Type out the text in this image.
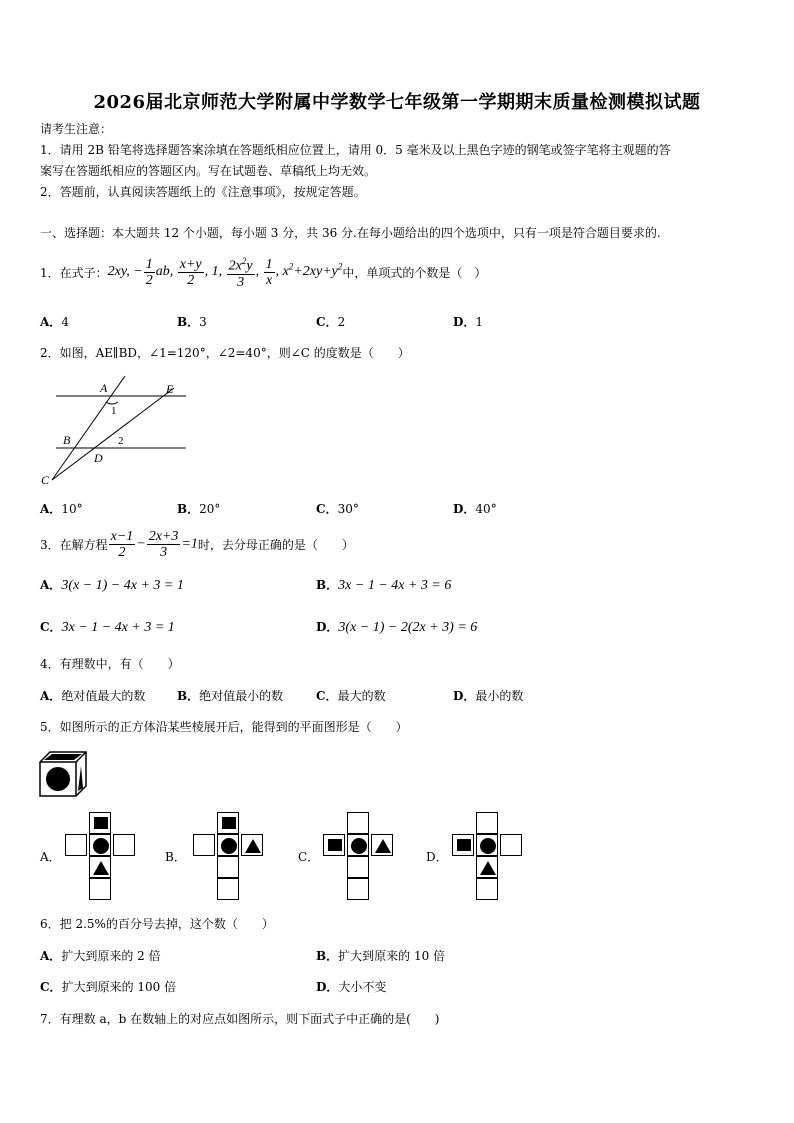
2026届北京师范大学附属中学数学七年级第一学期期末质量检测模拟试题
请考生注意：
1．请用 2B 铅笔将选择题答案涂填在答题纸相应位置上，请用 0．5 毫米及以上黑色字迹的钢笔或签字笔将主观题的答
案写在答题纸相应的答题区内。写在试题卷、草稿纸上均无效。
2．答题前，认真阅读答题纸上的《注意事项》，按规定答题。
一、选择题：本大题共 12 个小题，每小题 3 分，共 36 分.在每小题给出的四个选项中，只有一项是符合题目要求的.
1．在式子： 2xy, − $\frac{1}{2}$ ab, $\frac{x+y}{2}$ , 1, $\frac{2x^2y}{3}$ , $\frac{1}{x}$ , $x^2+2xy+y^2$ 中，单项式的个数是（　）
A．4	B．3	C．2	D．1
2．如图，AE∥BD，∠1=120°，∠2=40°，则∠C 的度数是（　　）
A	E
1
B	2
D
C
A．10°	B．20°	C．30°	D．40°
3．在解方程 $\frac{x-1}{2} - \frac{2x+3}{3} =1$ 时，去分母正确的是（　　）
A．3(x − 1) − 4x + 3 = 1	B．3x − 1 − 4x + 3 = 6
C．3x − 1 − 4x + 3 = 1	D．3(x − 1) − 2(2x + 3) = 6
4．有理数中，有（　　）
A．绝对值最大的数	B．绝对值最小的数	C．最大的数	D．最小的数
5．如图所示的正方体沿某些棱展开后，能得到的平面图形是（　　）
A．	B．	C．	D．
6．把 2.5%的百分号去掉，这个数（　　）
A．扩大到原来的 2 倍	B．扩大到原来的 10 倍
C．扩大到原来的 100 倍	D．大小不变
7．有理数 a，b 在数轴上的对应点如图所示，则下面式子中正确的是(　　)
